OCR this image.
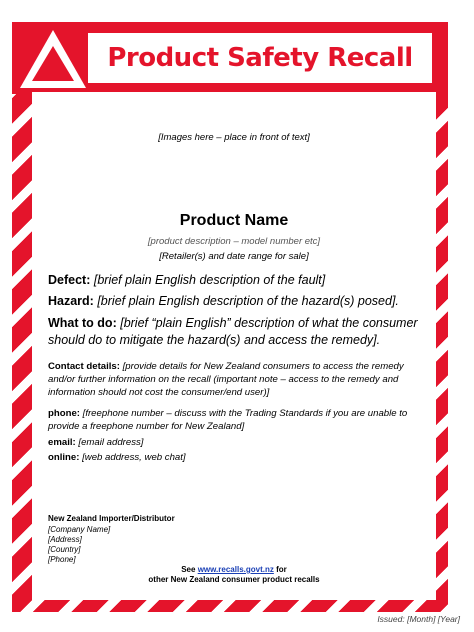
Product Safety Recall
[Images here – place in front of text]
Product Name
[product description – model number etc]
[Retailer(s) and date range for sale]
Defect: [brief plain English description of the fault]
Hazard: [brief plain English description of the hazard(s) posed].
What to do: [brief “plain English” description of what the consumer should do to mitigate the hazard(s) and access the remedy].
Contact details: [provide details for New Zealand consumers to access the remedy and/or further information on the recall (important note – access to the remedy and information should not cost the consumer/end user)]
phone: [freephone number – discuss with the Trading Standards if you are unable to provide a freephone number for New Zealand]
email: [email address]
online: [web address, web chat]
New Zealand Importer/Distributor
[Company Name]
[Address]
[Country]
[Phone]
See www.recalls.govt.nz for
other New Zealand consumer product recalls
Issued: [Month] [Year]
